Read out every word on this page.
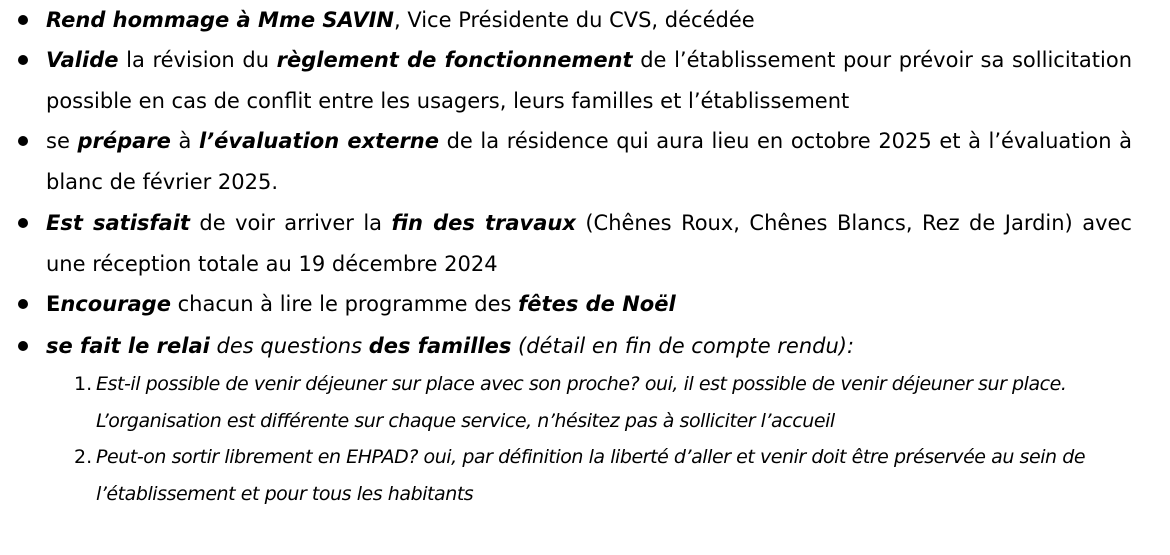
Rend hommage à Mme SAVIN, Vice Présidente du CVS, décédée
Valide la révision du règlement de fonctionnement de l’établissement pour prévoir sa sollicitation possible en cas de conflit entre les usagers, leurs familles et l’établissement
se prépare à l’évaluation externe de la résidence qui aura lieu en octobre 2025 et à l’évaluation à blanc de février 2025.
Est satisfait de voir arriver la fin des travaux (Chênes Roux, Chênes Blancs, Rez de Jardin) avec une réception totale au 19 décembre 2024
Encourage chacun à lire le programme des fêtes de Noël
se fait le relai des questions des familles (détail en fin de compte rendu):
1. Est-il possible de venir déjeuner sur place avec son proche? oui, il est possible de venir déjeuner sur place. L’organisation est différente sur chaque service, n’hésitez pas à solliciter l’accueil
2. Peut-on sortir librement en EHPAD? oui, par définition la liberté d’aller et venir doit être préservée au sein de l’établissement et pour tous les habitants
